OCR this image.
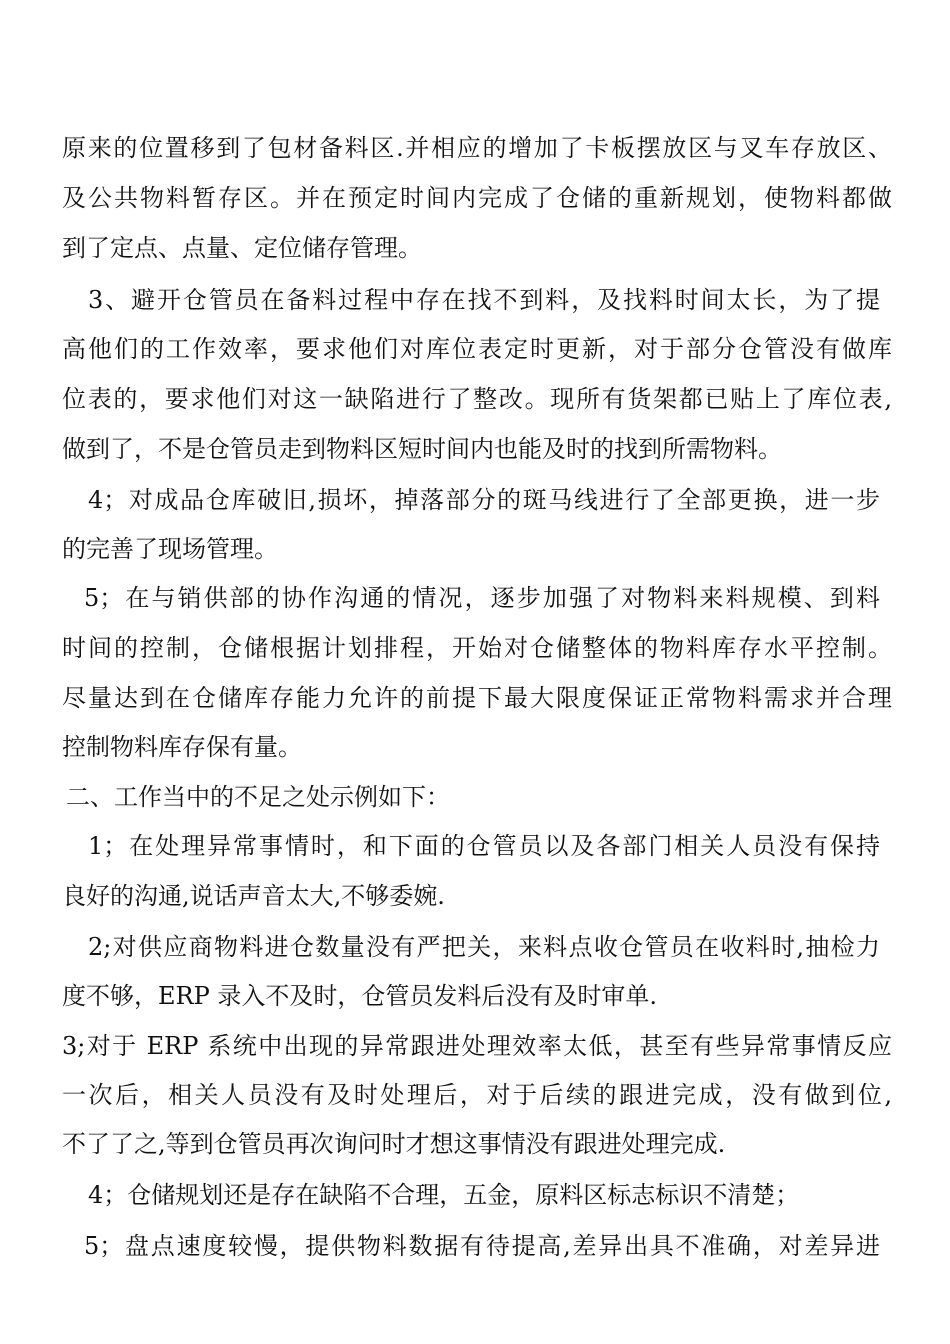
原来的位置移到了包材备料区.并相应的增加了卡板摆放区与叉车存放区、
及公共物料暂存区。并在预定时间内完成了仓储的重新规划，使物料都做
到了定点、点量、定位储存管理。
3、避开仓管员在备料过程中存在找不到料，及找料时间太长，为了提
高他们的工作效率，要求他们对库位表定时更新，对于部分仓管没有做库
位表的，要求他们对这一缺陷进行了整改。现所有货架都已贴上了库位表,
做到了，不是仓管员走到物料区短时间内也能及时的找到所需物料。
4；对成品仓库破旧,损坏，掉落部分的斑马线进行了全部更换，进一步
的完善了现场管理。
5；在与销供部的协作沟通的情况，逐步加强了对物料来料规模、到料
时间的控制，仓储根据计划排程，开始对仓储整体的物料库存水平控制。
尽量达到在仓储库存能力允许的前提下最大限度保证正常物料需求并合理
控制物料库存保有量。
二、工作当中的不足之处示例如下：
1；在处理异常事情时，和下面的仓管员以及各部门相关人员没有保持
良好的沟通,说话声音太大,不够委婉.
2;对供应商物料进仓数量没有严把关，来料点收仓管员在收料时,抽检力
度不够，ERP 录入不及时，仓管员发料后没有及时审单.
3;对于 ERP 系统中出现的异常跟进处理效率太低，甚至有些异常事情反应
一次后，相关人员没有及时处理后，对于后续的跟进完成，没有做到位,
不了了之,等到仓管员再次询问时才想这事情没有跟进处理完成.
4；仓储规划还是存在缺陷不合理，五金，原料区标志标识不清楚；
5；盘点速度较慢，提供物料数据有待提高,差异出具不准确，对差异进
